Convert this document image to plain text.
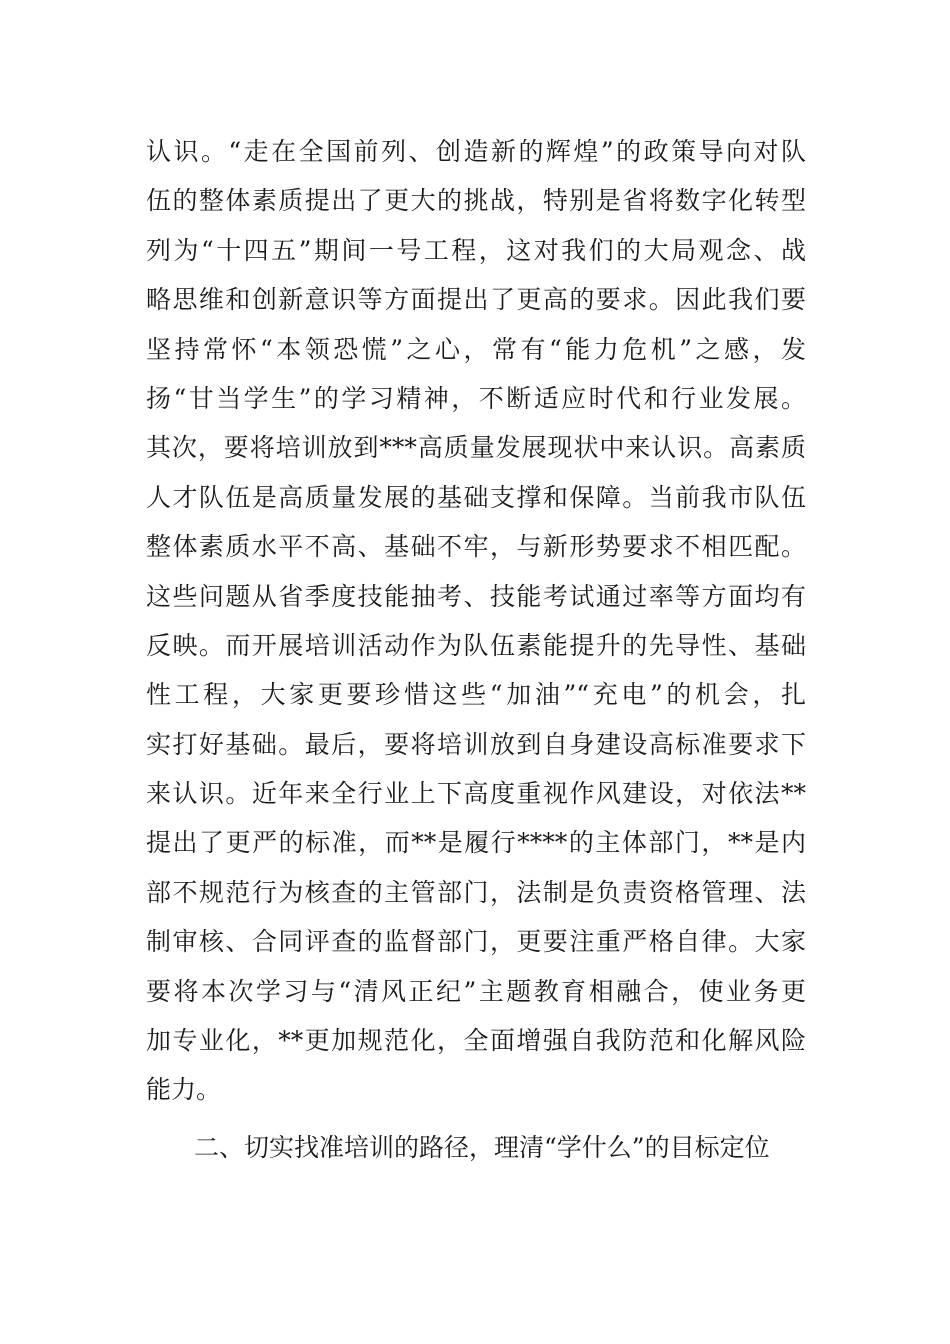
认识。“走在全国前列、创造新的辉煌”的政策导向对队
伍的整体素质提出了更大的挑战，特别是省将数字化转型
列为“十四五”期间一号工程，这对我们的大局观念、战
略思维和创新意识等方面提出了更高的要求。因此我们要
坚持常怀“本领恐慌”之心，常有“能力危机”之感，发
扬“甘当学生”的学习精神，不断适应时代和行业发展。
其次，要将培训放到***高质量发展现状中来认识。高素质
人才队伍是高质量发展的基础支撑和保障。当前我市队伍
整体素质水平不高、基础不牢，与新形势要求不相匹配。
这些问题从省季度技能抽考、技能考试通过率等方面均有
反映。而开展培训活动作为队伍素能提升的先导性、基础
性工程，大家更要珍惜这些“加油”“充电”的机会，扎
实打好基础。最后，要将培训放到自身建设高标准要求下
来认识。近年来全行业上下高度重视作风建设，对依法**
提出了更严的标准，而**是履行****的主体部门，**是内
部不规范行为核查的主管部门，法制是负责资格管理、法
制审核、合同评查的监督部门，更要注重严格自律。大家
要将本次学习与“清风正纪”主题教育相融合，使业务更
加专业化，**更加规范化，全面增强自我防范和化解风险
能力。
二、切实找准培训的路径，理清“学什么”的目标定位
